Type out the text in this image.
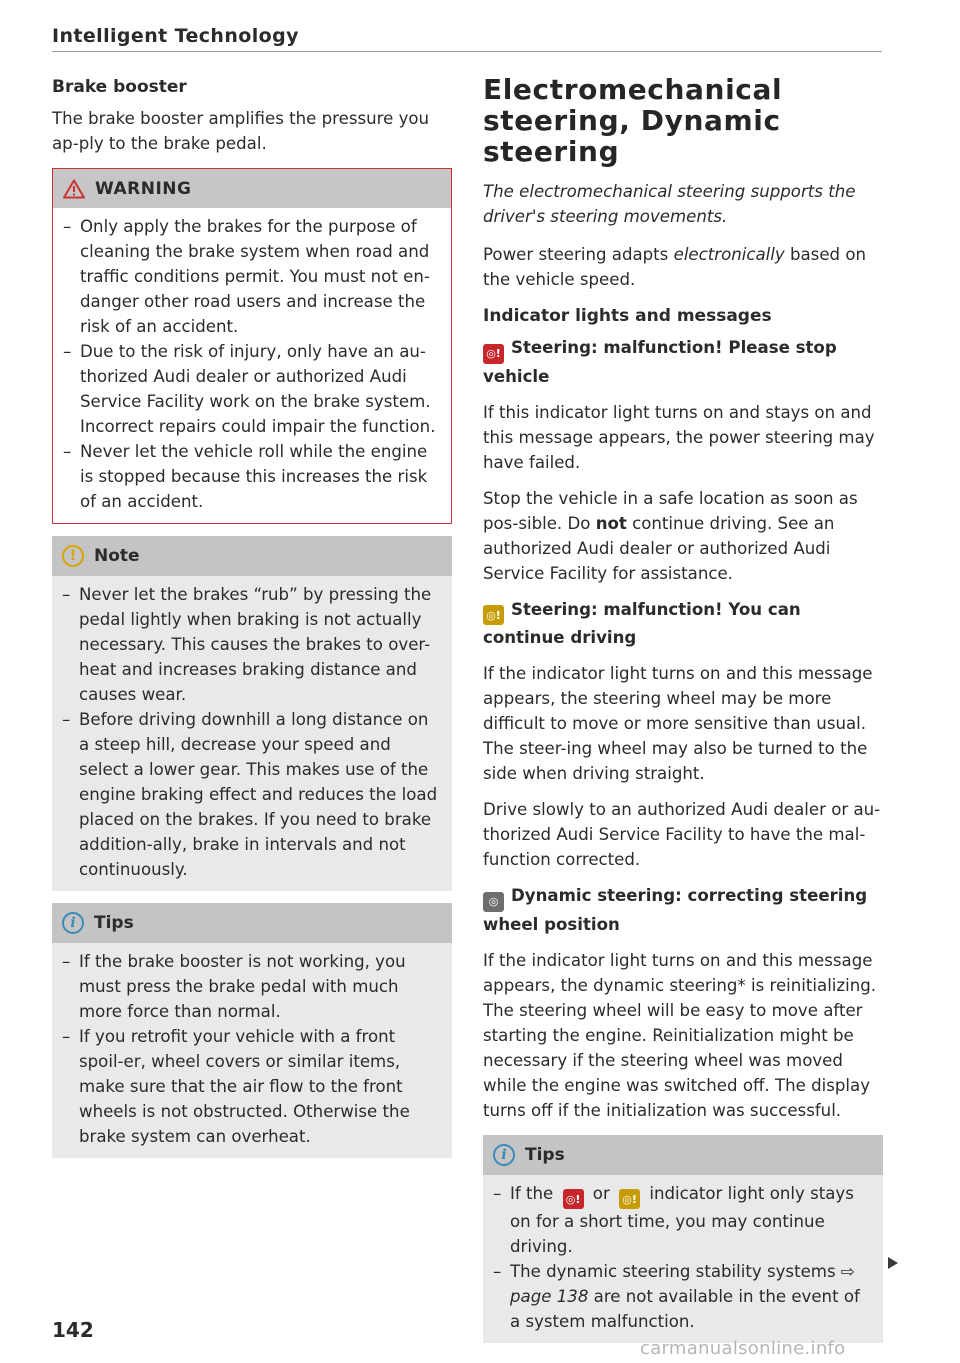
Intelligent Technology
Brake booster

The brake booster amplifies the pressure you ap-ply to the brake pedal.

WARNING
– Only apply the brakes for the purpose of cleaning the brake system when road and traffic conditions permit. You must not en-danger other road users and increase the risk of an accident.
– Due to the risk of injury, only have an au-thorized Audi dealer or authorized Audi Service Facility work on the brake system. Incorrect repairs could impair the function.
– Never let the vehicle roll while the engine is stopped because this increases the risk of an accident.
!	Note
– Never let the brakes “rub” by pressing the pedal lightly when braking is not actually necessary. This causes the brakes to over-heat and increases braking distance and causes wear.
– Before driving downhill a long distance on a steep hill, decrease your speed and select a lower gear. This makes use of the engine braking effect and reduces the load placed on the brakes. If you need to brake addition-ally, brake in intervals and not continuously.
i	Tips
– If the brake booster is not working, you must press the brake pedal with much more force than normal.
– If you retrofit your vehicle with a front spoil-er, wheel covers or similar items, make sure that the air flow to the front wheels is not obstructed. Otherwise the brake system can overheat.
Electromechanical steering, Dynamic steering

The electromechanical steering supports the driver's steering movements.

Power steering adapts electronically based on the vehicle speed.

Indicator lights and messages
◎! Steering: malfunction! Please stop vehicle

If this indicator light turns on and stays on and this message appears, the power steering may have failed.

Stop the vehicle in a safe location as soon as pos-sible. Do not continue driving. See an authorized Audi dealer or authorized Audi Service Facility for assistance.

◎! Steering: malfunction! You can continue driving

If the indicator light turns on and this message appears, the steering wheel may be more difficult to move or more sensitive than usual. The steer-ing wheel may also be turned to the side when driving straight.

Drive slowly to an authorized Audi dealer or au-thorized Audi Service Facility to have the mal-function corrected.

◎ Dynamic steering: correcting steering wheel position

If the indicator light turns on and this message appears, the dynamic steering* is reinitializing. The steering wheel will be easy to move after starting the engine. Reinitialization might be necessary if the steering wheel was moved while the engine was switched off. The display turns off if the initialization was successful.

i	Tips
– If the ◎! or ◎! indicator light only stays on for a short time, you may continue driving.
– The dynamic steering stability systems ⇨ page 138 are not available in the event of a system malfunction.
142
carmanualsonline.info
